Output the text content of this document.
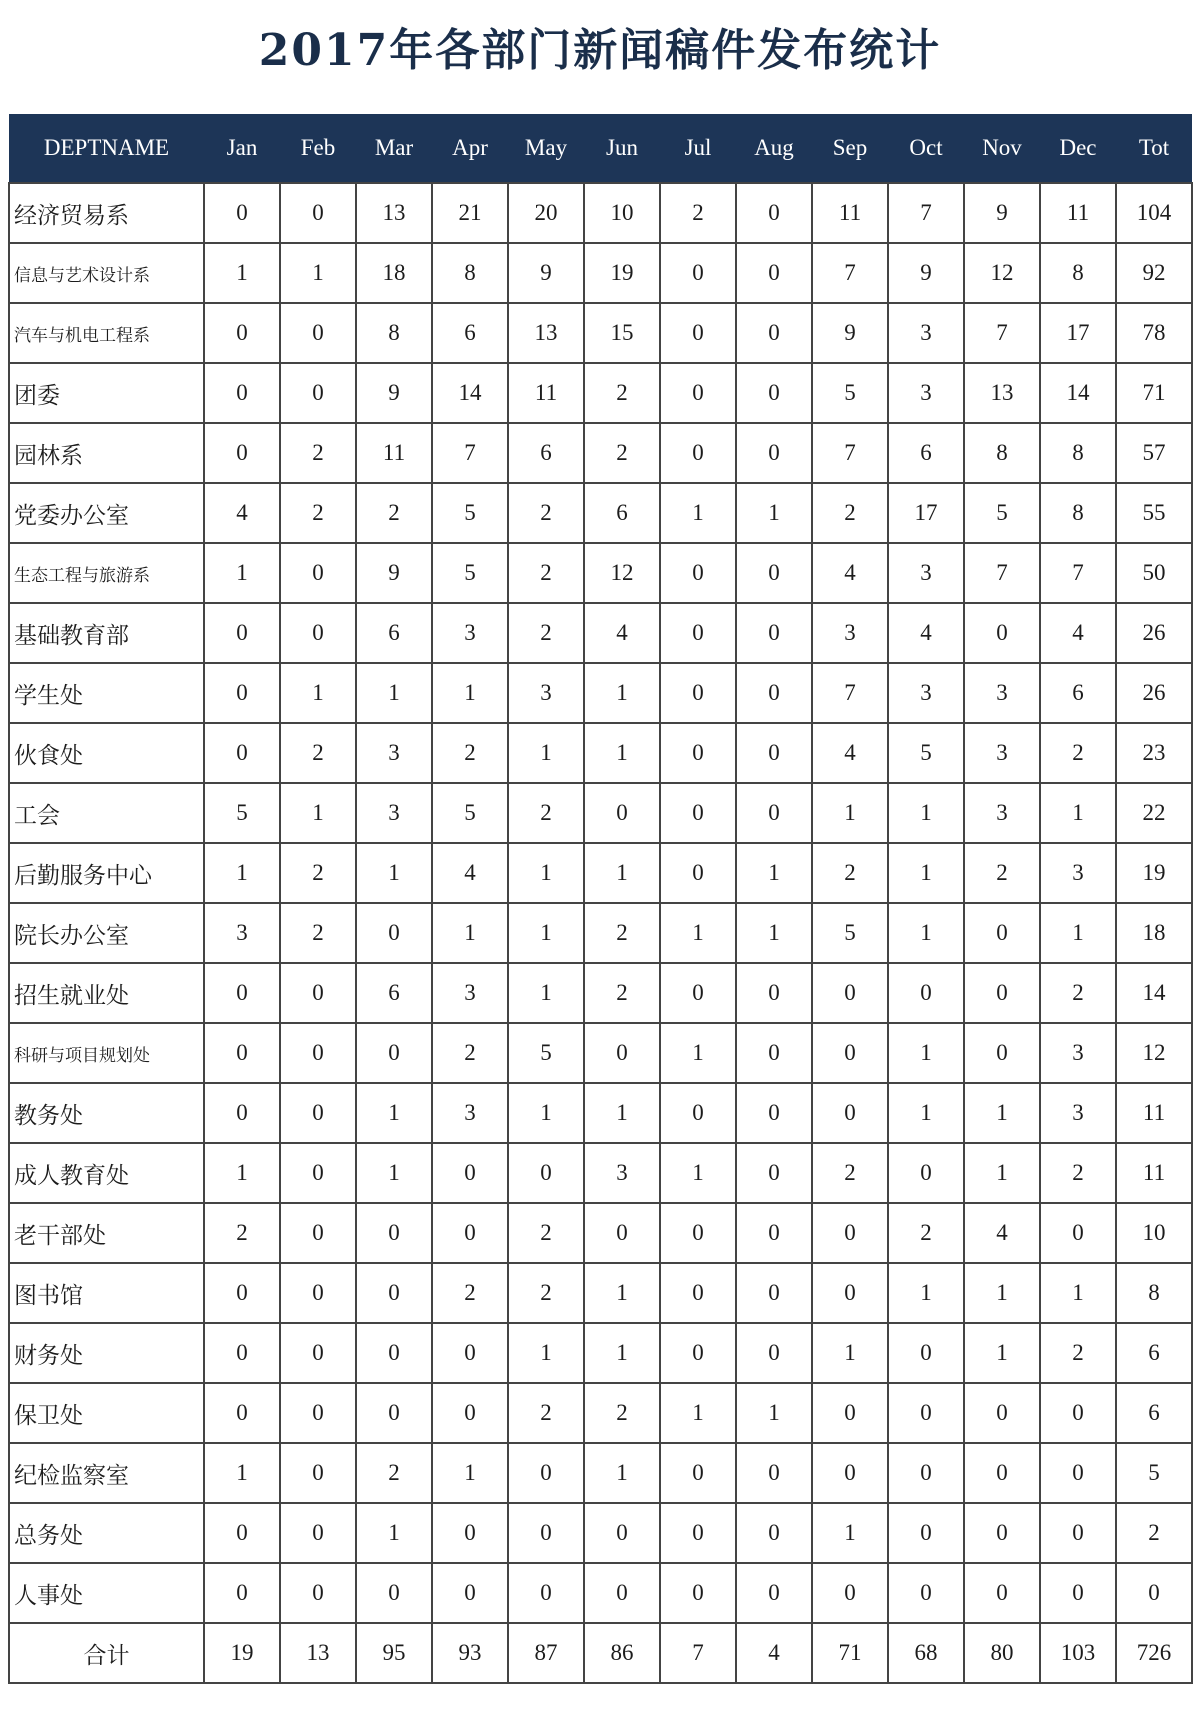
2017年各部门新闻稿件发布统计
DEPTNAME	Jan	Feb	Mar	Apr	May	Jun	Jul	Aug	Sep	Oct	Nov	Dec	Tot
经济贸易系	0	0	13	21	20	10	2	0	11	7	9	11	104
信息与艺术设计系	1	1	18	8	9	19	0	0	7	9	12	8	92
汽车与机电工程系	0	0	8	6	13	15	0	0	9	3	7	17	78
团委	0	0	9	14	11	2	0	0	5	3	13	14	71
园林系	0	2	11	7	6	2	0	0	7	6	8	8	57
党委办公室	4	2	2	5	2	6	1	1	2	17	5	8	55
生态工程与旅游系	1	0	9	5	2	12	0	0	4	3	7	7	50
基础教育部	0	0	6	3	2	4	0	0	3	4	0	4	26
学生处	0	1	1	1	3	1	0	0	7	3	3	6	26
伙食处	0	2	3	2	1	1	0	0	4	5	3	2	23
工会	5	1	3	5	2	0	0	0	1	1	3	1	22
后勤服务中心	1	2	1	4	1	1	0	1	2	1	2	3	19
院长办公室	3	2	0	1	1	2	1	1	5	1	0	1	18
招生就业处	0	0	6	3	1	2	0	0	0	0	0	2	14
科研与项目规划处	0	0	0	2	5	0	1	0	0	1	0	3	12
教务处	0	0	1	3	1	1	0	0	0	1	1	3	11
成人教育处	1	0	1	0	0	3	1	0	2	0	1	2	11
老干部处	2	0	0	0	2	0	0	0	0	2	4	0	10
图书馆	0	0	0	2	2	1	0	0	0	1	1	1	8
财务处	0	0	0	0	1	1	0	0	1	0	1	2	6
保卫处	0	0	0	0	2	2	1	1	0	0	0	0	6
纪检监察室	1	0	2	1	0	1	0	0	0	0	0	0	5
总务处	0	0	1	0	0	0	0	0	1	0	0	0	2
人事处	0	0	0	0	0	0	0	0	0	0	0	0	0
合计	19	13	95	93	87	86	7	4	71	68	80	103	726
